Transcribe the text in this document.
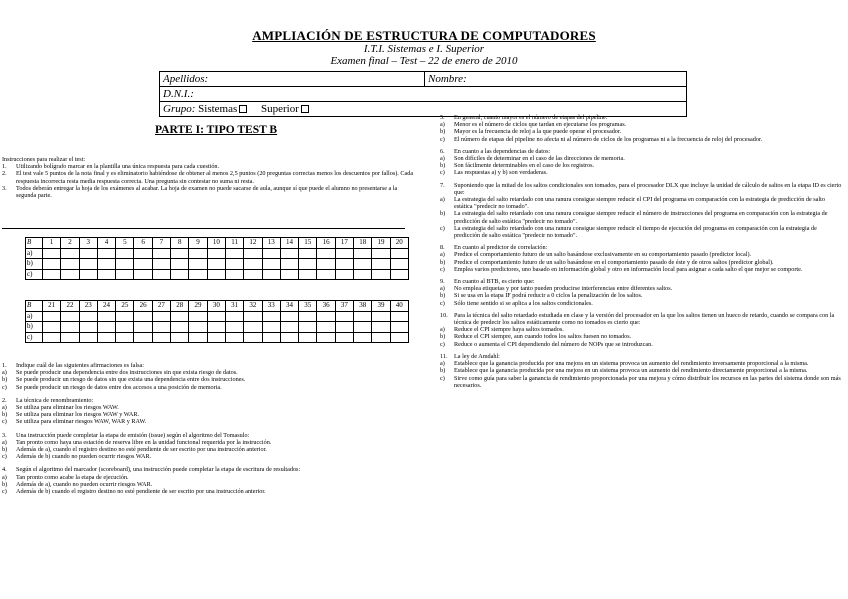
AMPLIACIÓN DE ESTRUCTURA DE COMPUTADORES
I.T.I. Sistemas e I. Superior
Examen final – Test – 22 de enero de 2010
Apellidos:	Nombre:
D.N.I.:
Grupo: Sistemas Superior
PARTE I: TIPO TEST B
Instrucciones para realizar el test:
1.	Utilizando bolígrafo marcar en la plantilla una única respuesta para cada cuestión.
2.	El test vale 5 puntos de la nota final y es eliminatorio habiéndose de obtener al menos 2,5 puntos (20 preguntas correctas menos los descuentos por fallos). Cada respuesta incorrecta resta media respuesta correcta. Una pregunta sin contestar no suma ni resta.
3.	Todos deberán entregar la hoja de los exámenes al acabar. La hoja de examen no puede sacarse de aula, aunque sí que puede el alumno no presentarse a la segunda parte.
B	1	2	3	4	5	6	7	8	9	10	11	12	13	14	15	16	17	18	19	20
a)																				
b)																				
c)																				
B	21	22	23	24	25	26	27	28	29	30	31	32	33	34	35	36	37	38	39	40
a)																				
b)																				
c)																				
1.	Indique cuál de las siguientes afirmaciones es falsa:
a)	Se puede producir una dependencia entre dos instrucciones sin que exista riesgo de datos.
b)	Se puede producir un riesgo de datos sin que exista una dependencia entre dos instrucciones.
c)	Se puede producir un riesgo de datos entre dos accesos a una posición de memoria.
2.	La técnica de renombramiento:
a)	Se utiliza para eliminar los riesgos WAW.
b)	Se utiliza para eliminar los riesgos WAW y WAR.
c)	Se utiliza para eliminar riesgos WAW, WAR y RAW.
3.	Una instrucción puede completar la etapa de emisión (issue) según el algoritmo del Tomasulo:
a)	Tan pronto como haya una estación de reserva libre en la unidad funcional requerida por la instrucción.
b)	Además de a), cuando el registro destino no esté pendiente de ser escrito por una instrucción anterior.
c)	Además de b) cuando no pueden ocurrir riesgos WAR.
4.	Según el algoritmo del marcador (scoreboard), una instrucción puede completar la etapa de escritura de resultados:
a)	Tan pronto como acabe la etapa de ejecución.
b)	Además de a), cuando no pueden ocurrir riesgos WAR.
c)	Además de b) cuando el registro destino no esté pendiente de ser escrito por una instrucción anterior.
5.	En general, cuanto mayor es el número de etapas del pipeline:
a)	Menor es el número de ciclos que tardan en ejecutarse los programas.
b)	Mayor es la frecuencia de reloj a la que puede operar el procesador.
c)	El número de etapas del pipeline no afecta ni al número de ciclos de los programas ni a la frecuencia de reloj del procesador.
6.	En cuanto a las dependencias de datos:
a)	Son difíciles de determinar en el caso de las direcciones de memoria.
b)	Son fácilmente determinables en el caso de los registros.
c)	Las respuestas a) y b) son verdaderas.
7.	Suponiendo que la mitad de los saltos condicionales son tomados, para el procesador DLX que incluye la unidad de cálculo de saltos en la etapa ID es cierto que:
a)	La estrategia del salto retardado con una ranura consigue siempre reducir el CPI del programa en comparación con la estrategia de predicción de salto estática "predecir no tomado".
b)	La estrategia del salto retardado con una ranura consigue siempre reducir el número de instrucciones del programa en comparación con la estrategia de predicción de salto estática "predecir no tomado".
c)	La estrategia del salto retardado con una ranura consigue siempre reducir el tiempo de ejecución del programa en comparación con la estrategia de predicción de salto estática "predecir no tomado".
8.	En cuanto al predictor de correlación:
a)	Predice el comportamiento futuro de un salto basándose exclusivamente en su comportamiento pasado (predictor local).
b)	Predice el comportamiento futuro de un salto basándose en el comportamiento pasado de éste y de otros saltos (predictor global).
c)	Emplea varios predictores, uno basado en información global y otro en información local para asignar a cada salto el que mejor se comporte.
9.	En cuanto al BTB, es cierto que:
a)	No emplea etiquetas y por tanto pueden producirse interferencias entre diferentes saltos.
b)	Si se usa en la etapa IF podrá reducir a 0 ciclos la penalización de los saltos.
c)	Sólo tiene sentido si se aplica a los saltos condicionales.
10.	Para la técnica del salto retardado estudiada en clase y la versión del procesador en la que los saltos tienen un hueco de retardo, cuando se compara con la técnica de predecir los saltos estáticamente como no tomados es cierto que:
a)	Reduce el CPI siempre haya saltos tomados.
b)	Reduce el CPI siempre, aun cuando todos los saltos fuesen no tomados.
c)	Reduce o aumenta el CPI dependiendo del número de NOPs que se introduzcan.
11.	La ley de Amdahl:
a)	Establece que la ganancia producida por una mejora en un sistema provoca un aumento del rendimiento inversamente proporcional a la misma.
b)	Establece que la ganancia producida por una mejora en un sistema provoca un aumento del rendimiento directamente proporcional a la misma.
c)	Sirve como guía para saber la ganancia de rendimiento proporcionada por una mejora y cómo distribuir los recursos en las partes del sistema donde son más necesarios.
